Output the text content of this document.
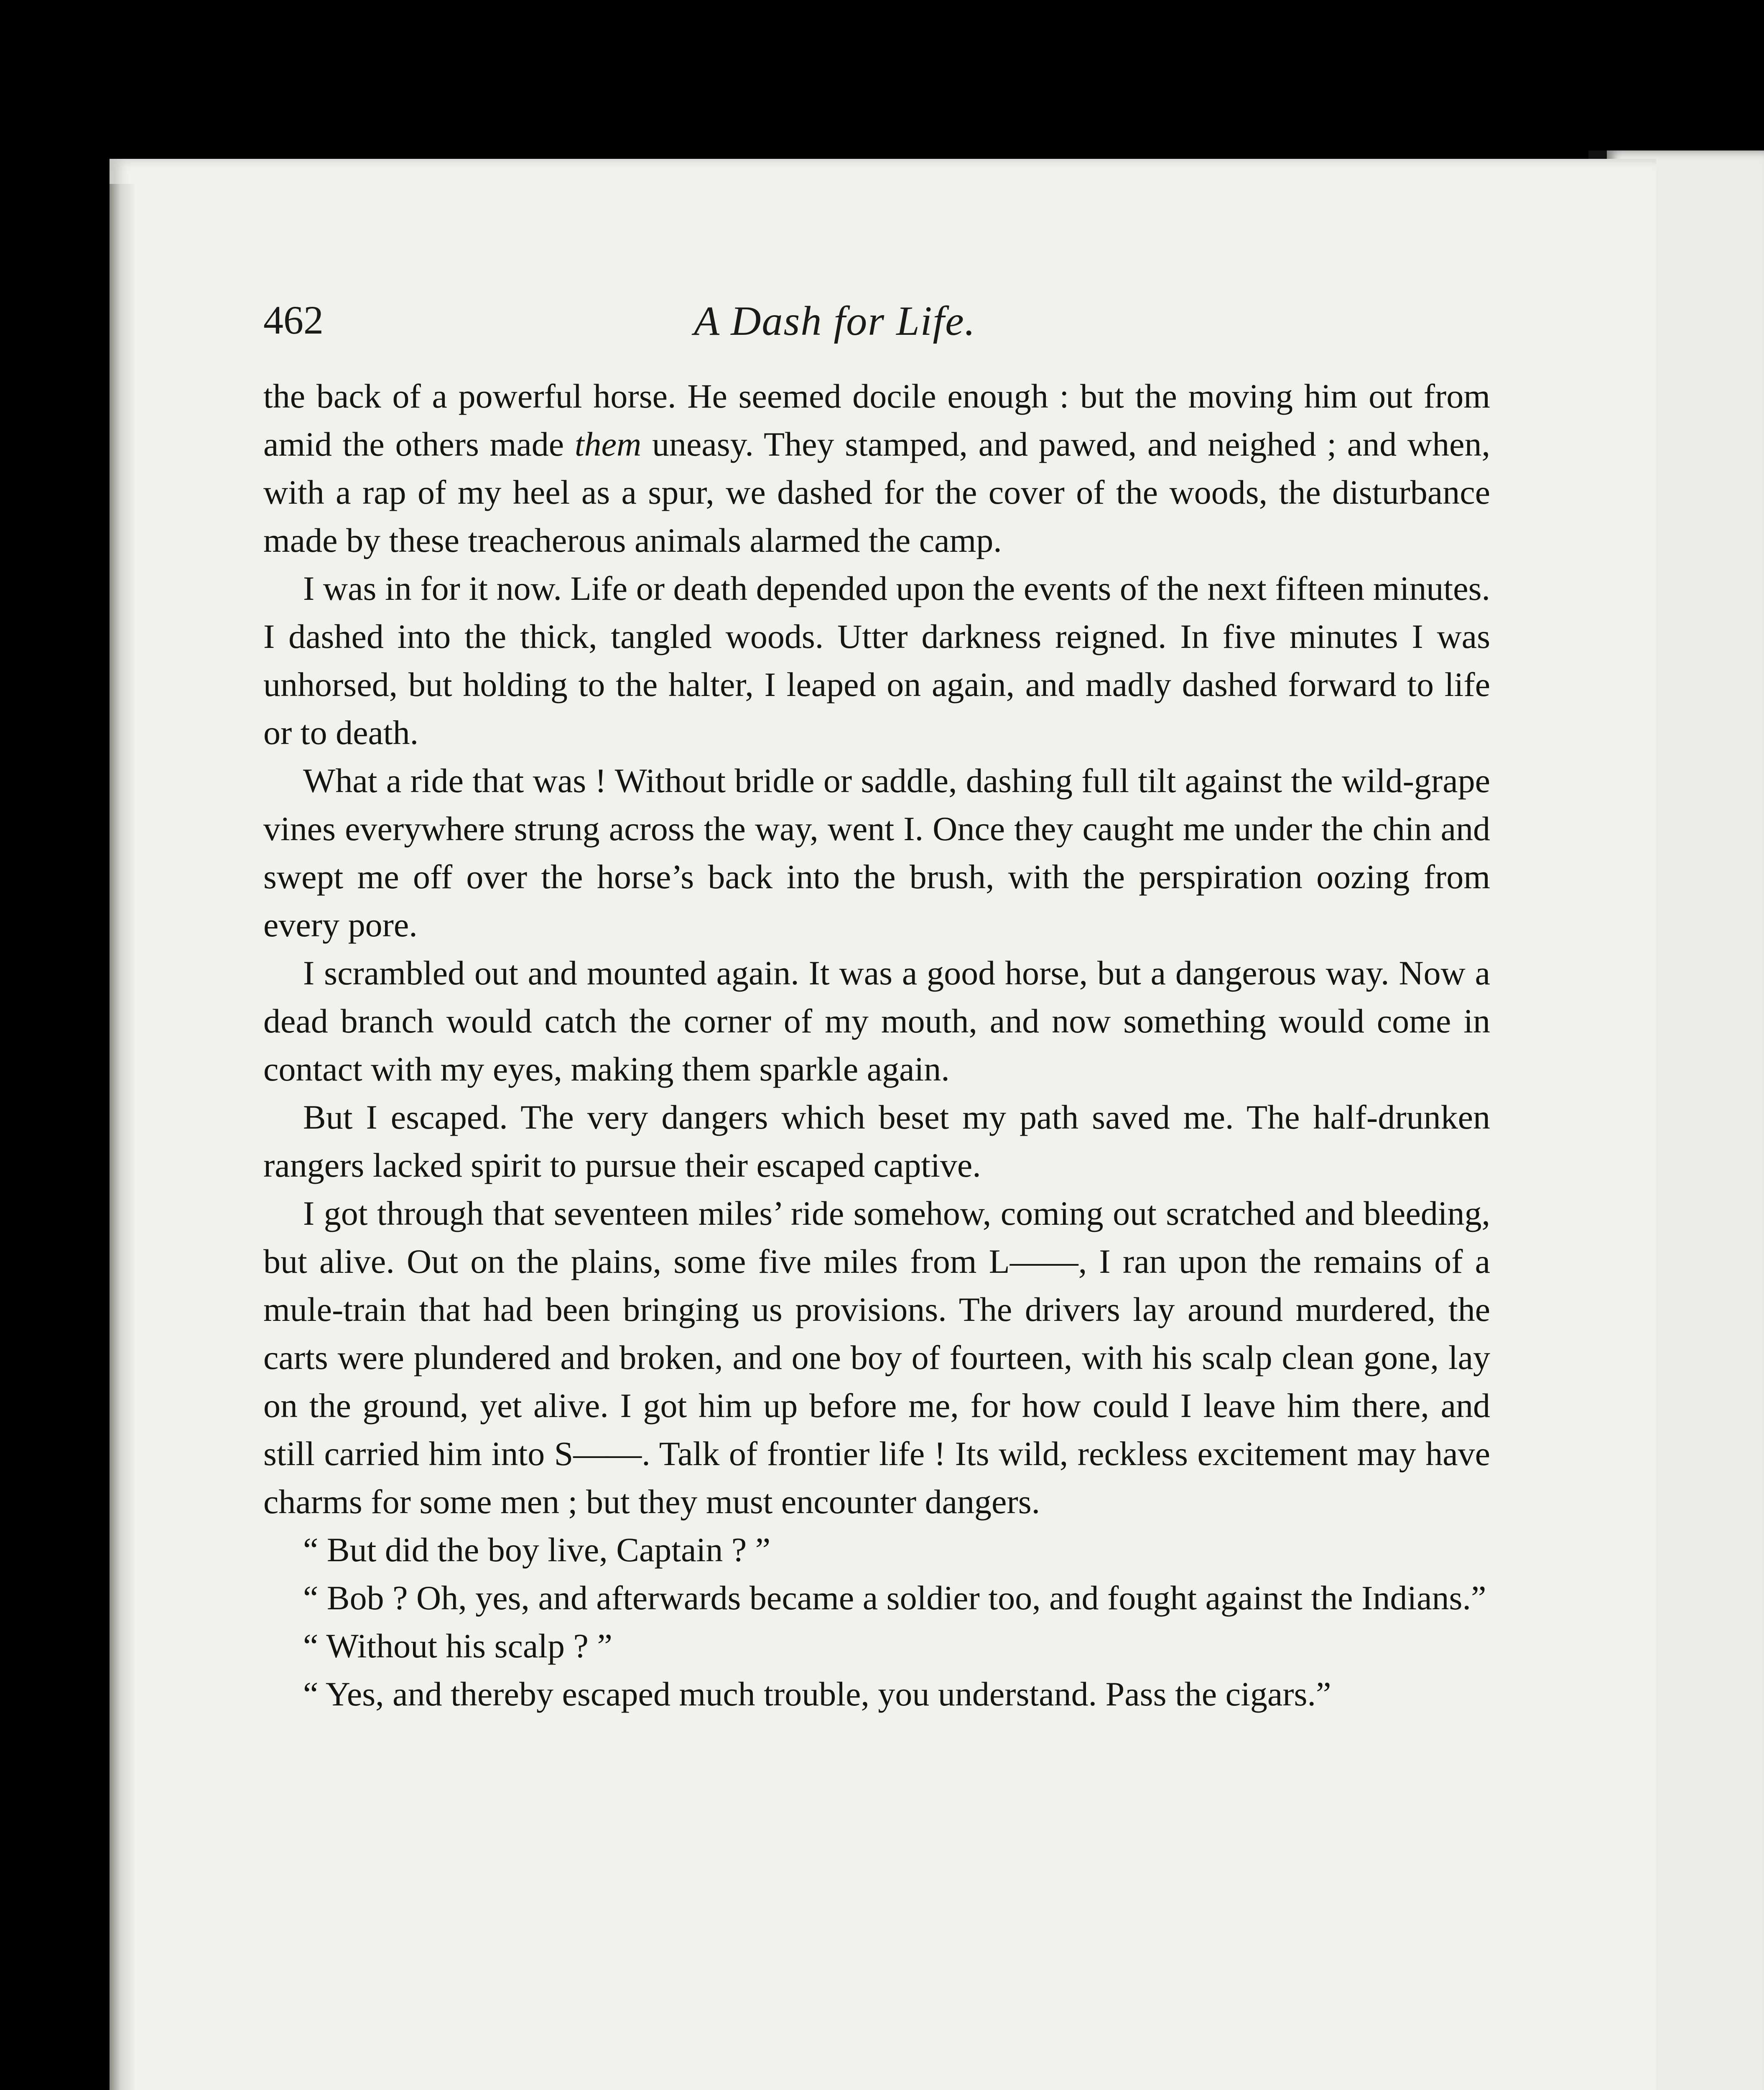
462	A Dash for Life.

the back of a powerful horse. He seemed docile enough : but the moving him out from amid the others made them uneasy. They stamped, and pawed, and neighed ; and when, with a rap of my heel as a spur, we dashed for the cover of the woods, the disturbance made by these treacherous animals alarmed the camp.

I was in for it now. Life or death depended upon the events of the next fifteen minutes. I dashed into the thick, tangled woods. Utter darkness reigned. In five minutes I was unhorsed, but holding to the halter, I leaped on again, and madly dashed forward to life or to death.

What a ride that was ! Without bridle or saddle, dashing full tilt against the wild-grape vines everywhere strung across the way, went I. Once they caught me under the chin and swept me off over the horse’s back into the brush, with the perspiration oozing from every pore.

I scrambled out and mounted again. It was a good horse, but a dangerous way. Now a dead branch would catch the corner of my mouth, and now something would come in contact with my eyes, making them sparkle again.

But I escaped. The very dangers which beset my path saved me. The half-drunken rangers lacked spirit to pursue their escaped captive.

I got through that seventeen miles’ ride somehow, coming out scratched and bleeding, but alive. Out on the plains, some five miles from L——, I ran upon the remains of a mule-train that had been bringing us provisions. The drivers lay around murdered, the carts were plundered and broken, and one boy of fourteen, with his scalp clean gone, lay on the ground, yet alive. I got him up before me, for how could I leave him there, and still carried him into S——. Talk of frontier life ! Its wild, reckless excitement may have charms for some men ; but they must encounter dangers.

“ But did the boy live, Captain ? ”

“ Bob ? Oh, yes, and afterwards became a soldier too, and fought against the Indians.”

“ Without his scalp ? ”

“ Yes, and thereby escaped much trouble, you understand. Pass the cigars.”
